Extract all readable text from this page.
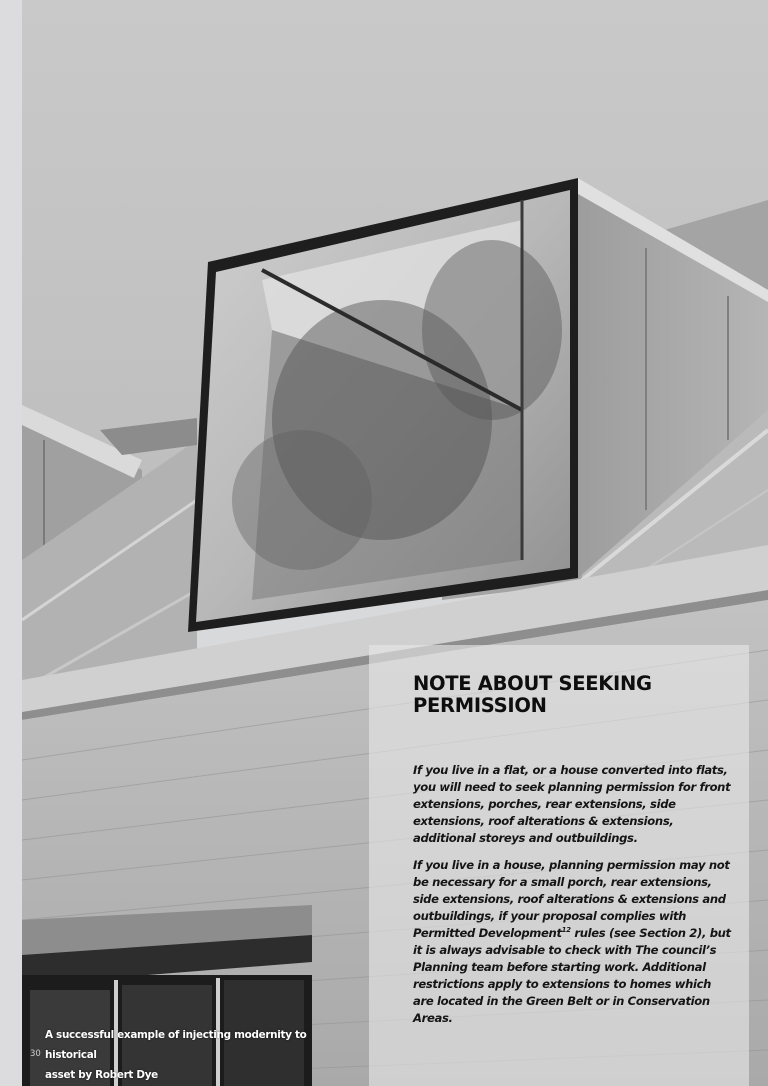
NOTE ABOUT SEEKING
PERMISSION

If you live in a flat, or a house converted into flats, you will need to seek planning permission for front extensions, porches, rear extensions, side extensions, roof alterations & extensions, additional storeys and outbuildings.

If you live in a house, planning permission may not be necessary for a small porch, rear extensions, side extensions, roof alterations & extensions and outbuildings, if your proposal complies with Permitted Development$^{12}$ rules (see Section 2), but it is always advisable to check with The council’s Planning team before starting work. Additional restrictions apply to extensions to homes which are located in the Green Belt or in Conservation Areas.

A successful example of injecting modernity to historical
asset by Robert Dye

30
